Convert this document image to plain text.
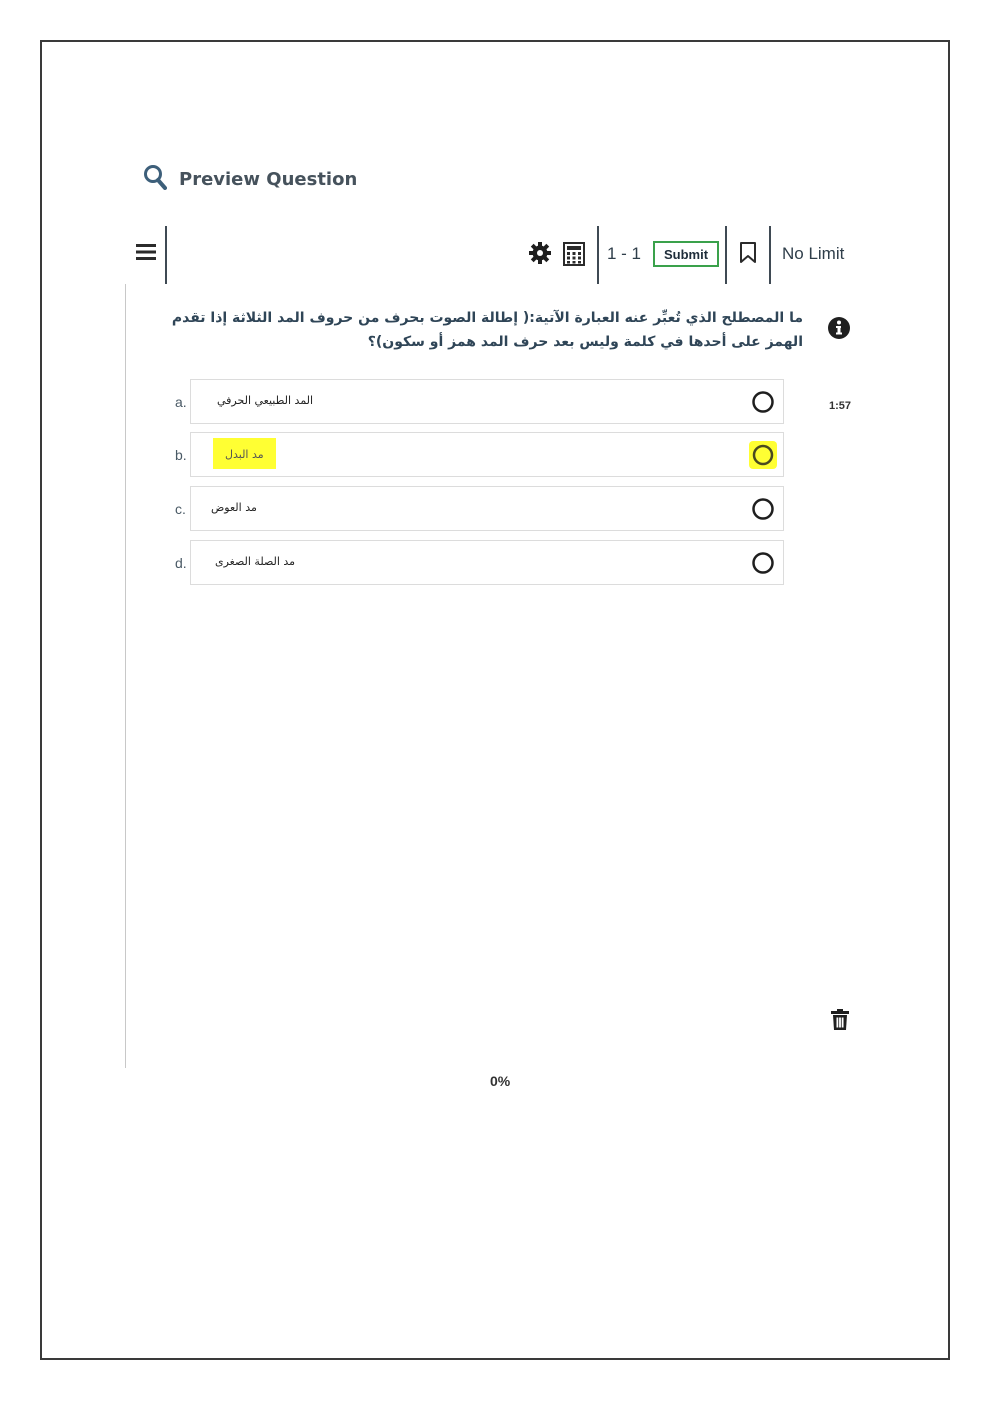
Preview Question
1 - 1	Submit	No Limit
ما المصطلح الذي تُعبِّر عنه العبارة الآتية:( إطالة الصوت بحرف من حروف المد الثلاثة إذا تقدم الهمز على أحدها في كلمة وليس بعد حرف المد همز أو سكون)؟
1:57
a.	المد الطبيعي الحرفي
b.	مد البدل
c. مد العوض
d.	مد الصلة الصغرى
0%
